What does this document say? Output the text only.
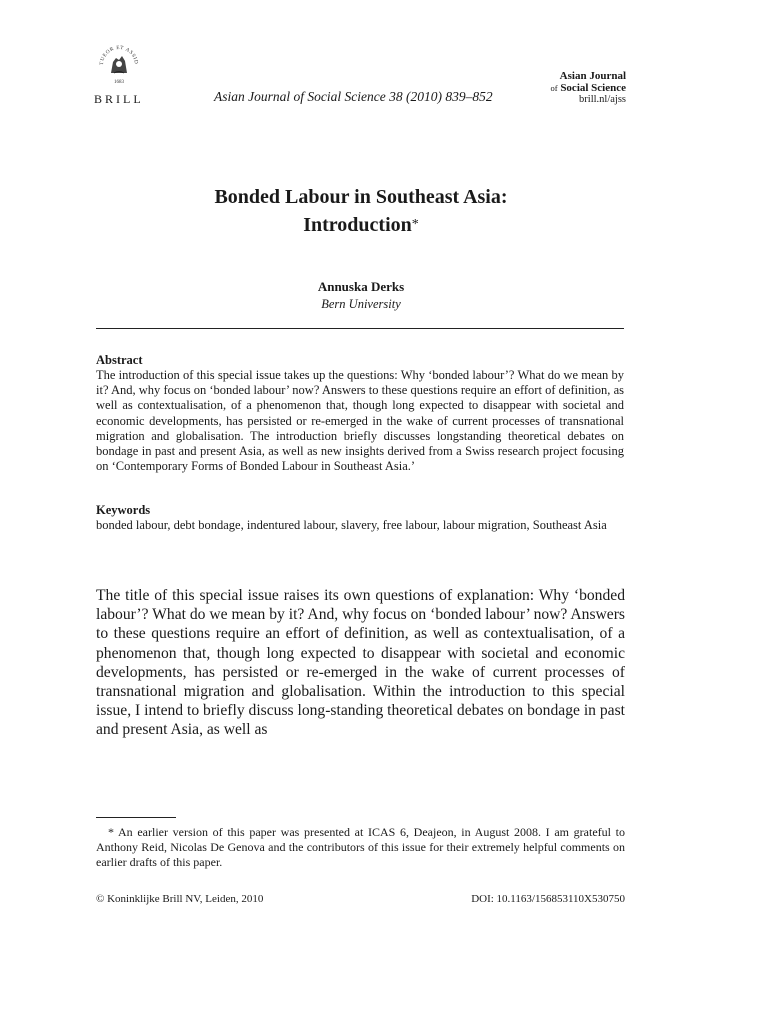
TUEOR ET ASSID
1683
BRILL	Asian Journal of Social Science 38 (2010) 839–852
Asian Journal
of Social Science
brill.nl/ajss
Bonded Labour in Southeast Asia:
Introduction*
Annuska Derks
Bern University
Abstract
The introduction of this special issue takes up the questions: Why ‘bonded labour’? What do we mean by it? And, why focus on ‘bonded labour’ now? Answers to these questions require an effort of definition, as well as contextualisation, of a phenomenon that, though long expected to disappear with societal and economic developments, has persisted or re-emerged in the wake of current processes of transnational migration and globalisation. The introduction briefly discusses longstanding theoretical debates on bondage in past and present Asia, as well as new insights derived from a Swiss research project focusing on ‘Contemporary Forms of Bonded Labour in Southeast Asia.’
Keywords
bonded labour, debt bondage, indentured labour, slavery, free labour, labour migration, Southeast Asia
The title of this special issue raises its own questions of explanation: Why ‘bonded labour’? What do we mean by it? And, why focus on ‘bonded labour’ now? Answers to these questions require an effort of definition, as well as contextualisation, of a phenomenon that, though long expected to disappear with societal and economic developments, has persisted or re-emerged in the wake of current processes of transnational migration and globalisation. Within the introduction to this special issue, I intend to briefly discuss long-standing theoretical debates on bondage in past and present Asia, as well as
* An earlier version of this paper was presented at ICAS 6, Deajeon, in August 2008. I am grateful to Anthony Reid, Nicolas De Genova and the contributors of this issue for their extremely helpful comments on earlier drafts of this paper.
© Koninklijke Brill NV, Leiden, 2010	DOI: 10.1163/156853110X530750
